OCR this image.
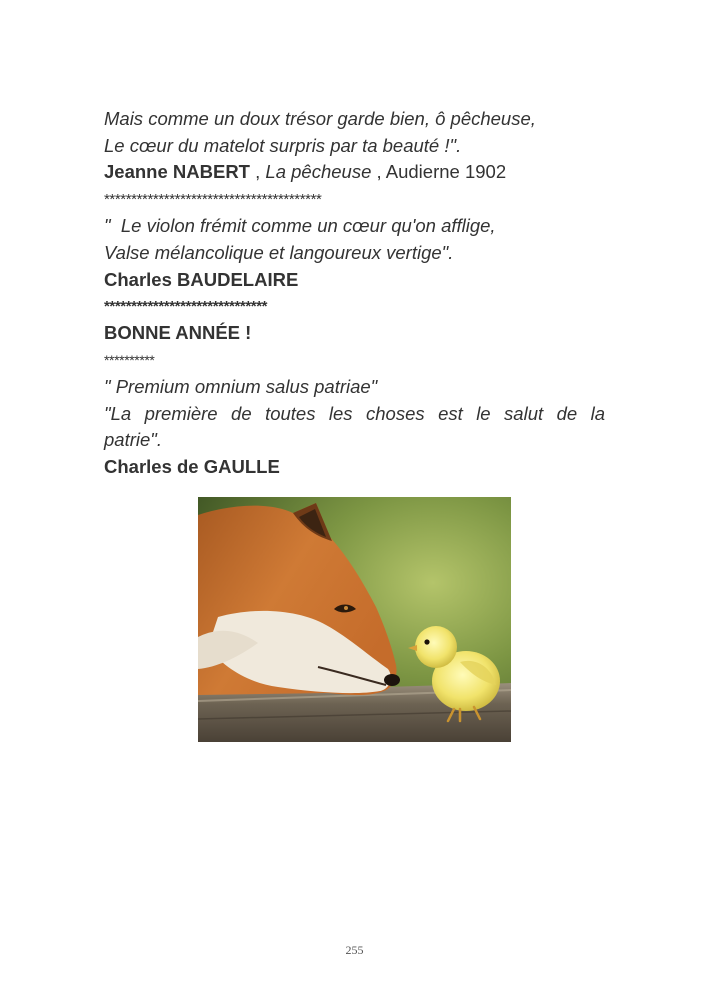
Mais comme un doux trésor garde bien, ô pêcheuse,
Le cœur du matelot surpris par ta beauté !".
Jeanne NABERT , La pêcheuse , Audierne 1902
****************************************
"  Le violon frémit comme un cœur qu'on afflige,
Valse mélancolique et langoureux vertige".
Charles BAUDELAIRE
******************************
BONNE ANNÉE !
**********
" Premium omnium salus patriae"
"La première de toutes les choses est le salut de la
patrie".
Charles de GAULLE
255
